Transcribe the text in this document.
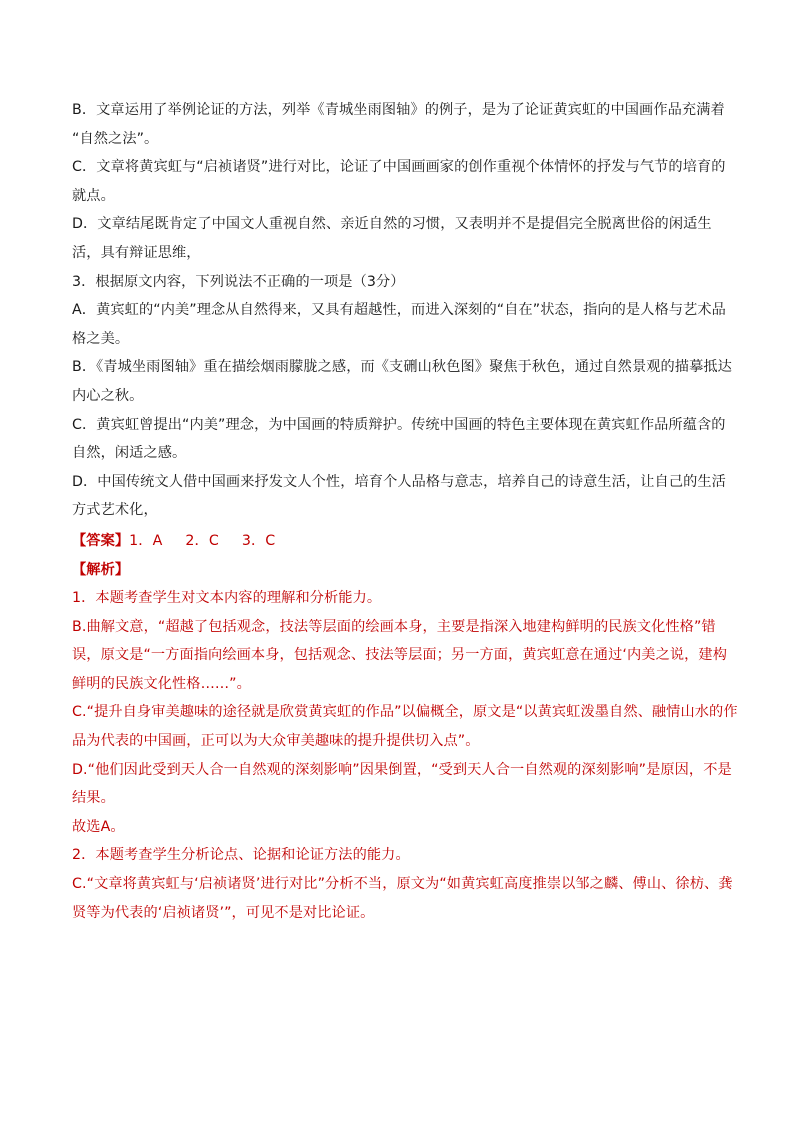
B．文章运用了举例论证的方法，列举《青城坐雨图轴》的例子，是为了论证黄宾虹的中国画作品充满着
“自然之法”。
C．文章将黄宾虹与“启祯诸贤”进行对比，论证了中国画画家的创作重视个体情怀的抒发与气节的培育的
就点。
D．文章结尾既肯定了中国文人重视自然、亲近自然的习惯，又表明并不是提倡完全脱离世俗的闲适生
活，具有辩证思维，
3．根据原文内容，下列说法不正确的一项是（3分）
A．黄宾虹的“内美”理念从自然得来，又具有超越性，而进入深刻的“自在”状态，指向的是人格与艺术品
格之美。
B．《青城坐雨图轴》重在描绘烟雨朦胧之感，而《支硎山秋色图》聚焦于秋色，通过自然景观的描摹抵达
内心之秋。
C．黄宾虹曾提出“内美”理念，为中国画的特质辩护。传统中国画的特色主要体现在黄宾虹作品所蕴含的
自然，闲适之感。
D．中国传统文人借中国画来抒发文人个性，培育个人品格与意志，培养自己的诗意生活，让自己的生活
方式艺术化，
【答案】1．A     2．C     3．C
【解析】
1．本题考查学生对文本内容的理解和分析能力。
B.曲解文意，“超越了包括观念，技法等层面的绘画本身，主要是指深入地建构鲜明的民族文化性格”错
误，原文是“一方面指向绘画本身，包括观念、技法等层面；另一方面，黄宾虹意在通过‘内美之说，建构
鲜明的民族文化性格……”。
C.“提升自身审美趣味的途径就是欣赏黄宾虹的作品”以偏概全，原文是“以黄宾虹泼墨自然、融情山水的作
品为代表的中国画，正可以为大众审美趣味的提升提供切入点”。
D.“他们因此受到天人合一自然观的深刻影响”因果倒置，“受到天人合一自然观的深刻影响”是原因，不是
结果。
故选A。
2．本题考查学生分析论点、论据和论证方法的能力。
C.“文章将黄宾虹与‘启祯诸贤’进行对比”分析不当，原文为“如黄宾虹高度推崇以邹之麟、傅山、徐枋、龚
贤等为代表的‘启祯诸贤’”，可见不是对比论证。
